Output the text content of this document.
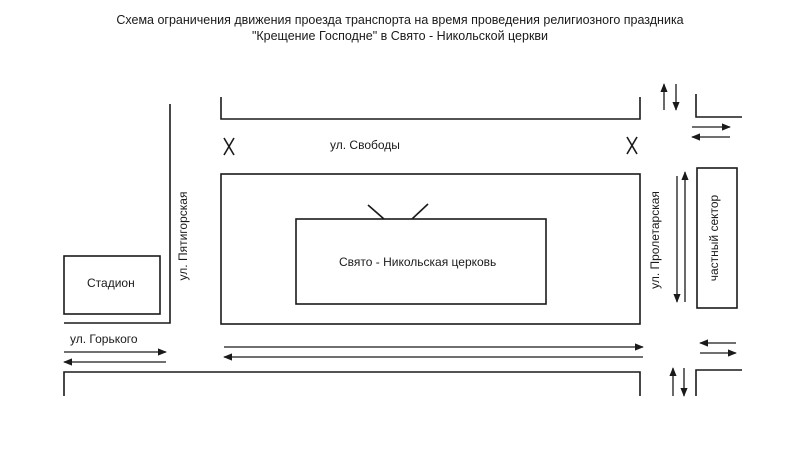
Схема ограничения движения проезда транспорта на время проведения религиозного праздника
"Крещение Господне" в Свято - Никольской церкви
ул. Свободы
Свято - Никольская церковь
Стадион
ул. Горького
ул. Пятигорская	ул. Пролетарская	частный сектор
